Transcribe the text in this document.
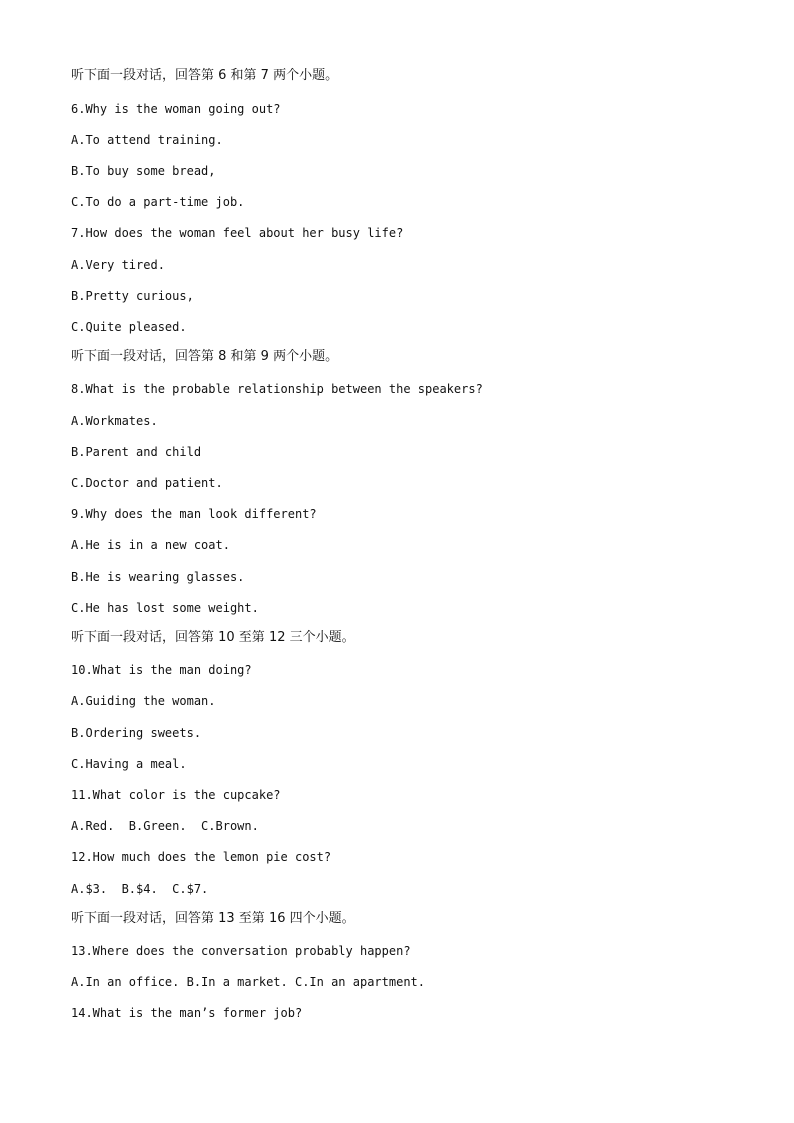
听下面一段对话，回答第 6 和第 7 两个小题。
6.Why is the woman going out?
A.To attend training.
B.To buy some bread,
C.To do a part-time job.
7.How does the woman feel about her busy life?
A.Very tired.
B.Pretty curious,
C.Quite pleased.
听下面一段对话，回答第 8 和第 9 两个小题。
8.What is the probable relationship between the speakers?
A.Workmates.
B.Parent and child
C.Doctor and patient.
9.Why does the man look different?
A.He is in a new coat.
B.He is wearing glasses.
C.He has lost some weight.
听下面一段对话，回答第 10 至第 12 三个小题。
10.What is the man doing?
A.Guiding the woman.
B.Ordering sweets.
C.Having a meal.
11.What color is the cupcake?
A.Red.  B.Green.  C.Brown.
12.How much does the lemon pie cost?
A.$3.  B.$4.  C.$7.
听下面一段对话，回答第 13 至第 16 四个小题。
13.Where does the conversation probably happen?
A.In an office. B.In a market. C.In an apartment.
14.What is the man’s former job?
